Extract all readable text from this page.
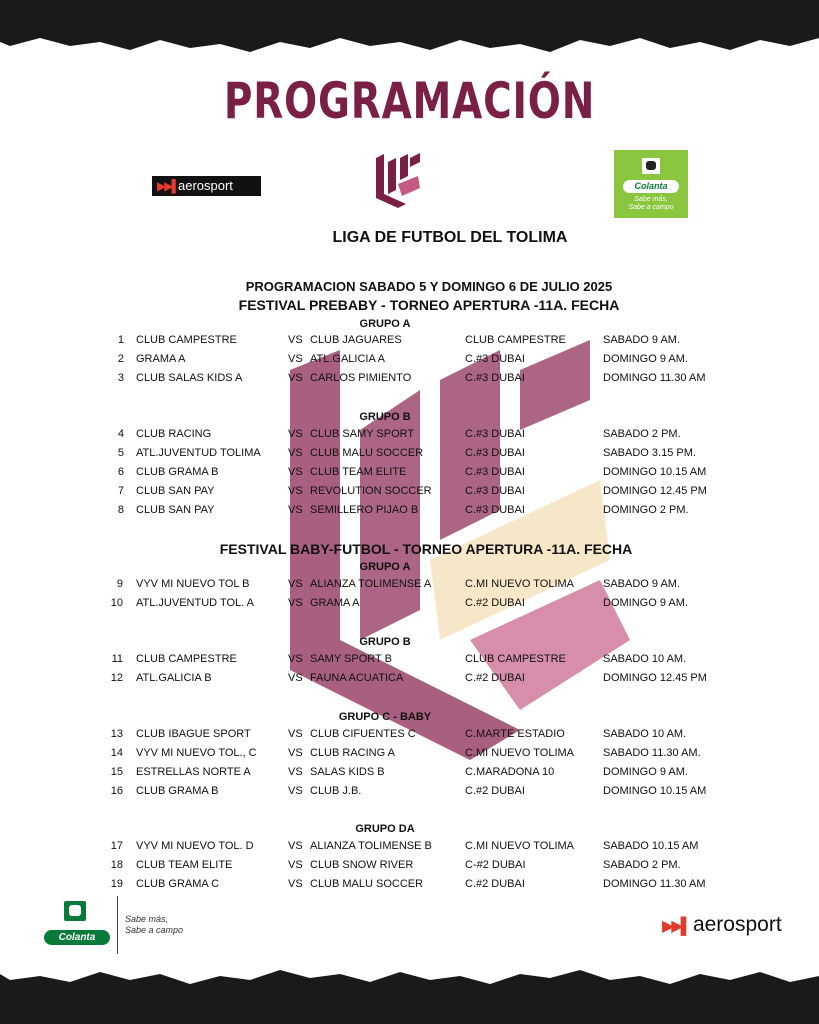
PROGRAMACIÓN
▶▶▌ aerosport	Colanta
Sabe más,
Sabe a campo
LIGA DE FUTBOL DEL TOLIMA
PROGRAMACION SABADO 5 Y DOMINGO 6 DE JULIO 2025
FESTIVAL PREBABY - TORNEO APERTURA -11A. FECHA
FESTIVAL BABY-FUTBOL - TORNEO APERTURA -11A. FECHA
GRUPO A
GRUPO B
GRUPO A
GRUPO B
GRUPO C - BABY
GRUPO DA
1 CLUB CAMPESTRE	VS CLUB JAGUARES	CLUB CAMPESTRE	SABADO 9 AM.
2 GRAMA A	VS ATL.GALICIA A	C.#3 DUBAI	DOMINGO 9 AM.
3 CLUB SALAS KIDS A	VS CARLOS PIMIENTO	C.#3 DUBAI	DOMINGO 11.30 AM
4 CLUB RACING	VS CLUB SAMY SPORT	C.#3 DUBAI	SABADO 2 PM.
5 ATL.JUVENTUD TOLIMA VS CLUB MALU SOCCER	C.#3 DUBAI	SABADO 3.15 PM.
6 CLUB GRAMA B	VS CLUB TEAM ELITE	C.#3 DUBAI	DOMINGO 10.15 AM
7 CLUB SAN PAY	VS REVOLUTION SOCCER	C.#3 DUBAI	DOMINGO 12.45 PM
8 CLUB SAN PAY	VS SEMILLERO PIJAO B	C.#3 DUBAI	DOMINGO 2 PM.
9 VYV MI NUEVO TOL B	VS ALIANZA TOLIMENSE A	C.MI NUEVO TOLIMA	SABADO 9 AM.
10 ATL.JUVENTUD TOL. A	VS GRAMA A	C.#2 DUBAI	DOMINGO 9 AM.
11 CLUB CAMPESTRE	VS SAMY SPORT B	CLUB CAMPESTRE	SABADO 10 AM.
12 ATL.GALICIA B	VS FAUNA ACUATICA	C.#2 DUBAI	DOMINGO 12.45 PM
13 CLUB IBAGUE SPORT	VS CLUB CIFUENTES C	C.MARTE ESTADIO	SABADO 10 AM.
14 VYV MI NUEVO TOL., C	VS CLUB RACING A	C.MI NUEVO TOLIMA	SABADO 11.30 AM.
15 ESTRELLAS NORTE A	VS SALAS KIDS B	C.MARADONA 10	DOMINGO 9 AM.
16 CLUB GRAMA B	VS CLUB J.B.	C.#2 DUBAI	DOMINGO 10.15 AM
17 VYV MI NUEVO TOL. D	VS ALIANZA TOLIMENSE B	C.MI NUEVO TOLIMA	SABADO 10.15 AM
18 CLUB TEAM ELITE	VS CLUB SNOW RIVER	C-#2 DUBAI	SABADO 2 PM.
19 CLUB GRAMA C	VS CLUB MALU SOCCER	C.#2 DUBAI	DOMINGO 11.30 AM
Colanta
Sabe más,
Sabe a campo	▶▶▌ aerosport
